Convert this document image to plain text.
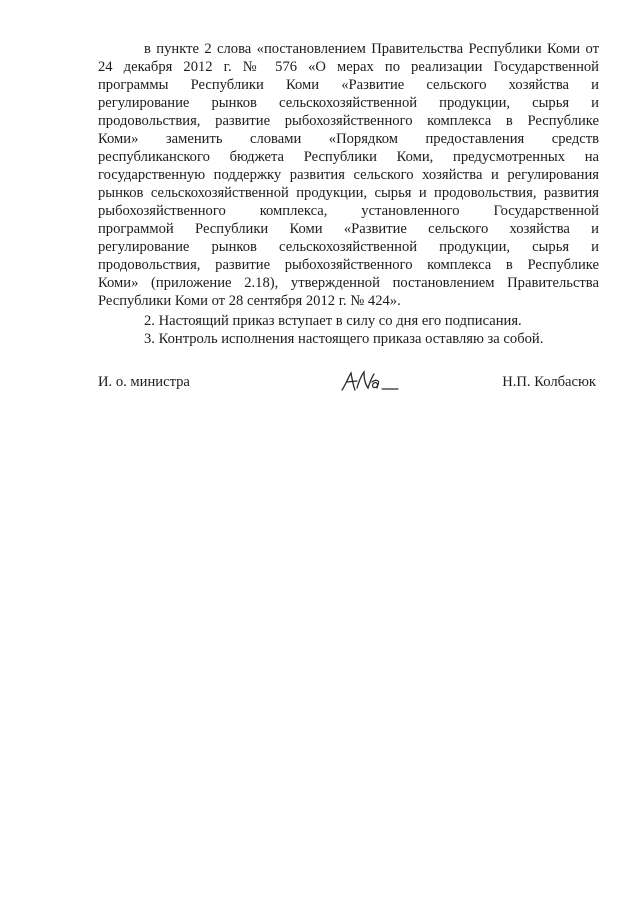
в пункте 2 слова «постановлением Правительства Республики Коми от
24 декабря 2012 г. № 576 «О мерах по реализации Государственной
программы Республики Коми «Развитие сельского хозяйства и
регулирование рынков сельскохозяйственной продукции, сырья и
продовольствия, развитие рыбохозяйственного комплекса в Республике
Коми» заменить словами «Порядком предоставления средств
республиканского бюджета Республики Коми, предусмотренных на
государственную поддержку развития сельского хозяйства и регулирования
рынков сельскохозяйственной продукции, сырья и продовольствия, развития
рыбохозяйственного комплекса, установленного Государственной
программой Республики Коми «Развитие сельского хозяйства и
регулирование рынков сельскохозяйственной продукции, сырья и
продовольствия, развитие рыбохозяйственного комплекса в Республике
Коми» (приложение 2.18), утвержденной постановлением Правительства
Республики Коми от 28 сентября 2012 г. № 424».
2. Настоящий приказ вступает в силу со дня его подписания.
3. Контроль исполнения настоящего приказа оставляю за собой.
И. о. министра	Н.П. Колбасюк
